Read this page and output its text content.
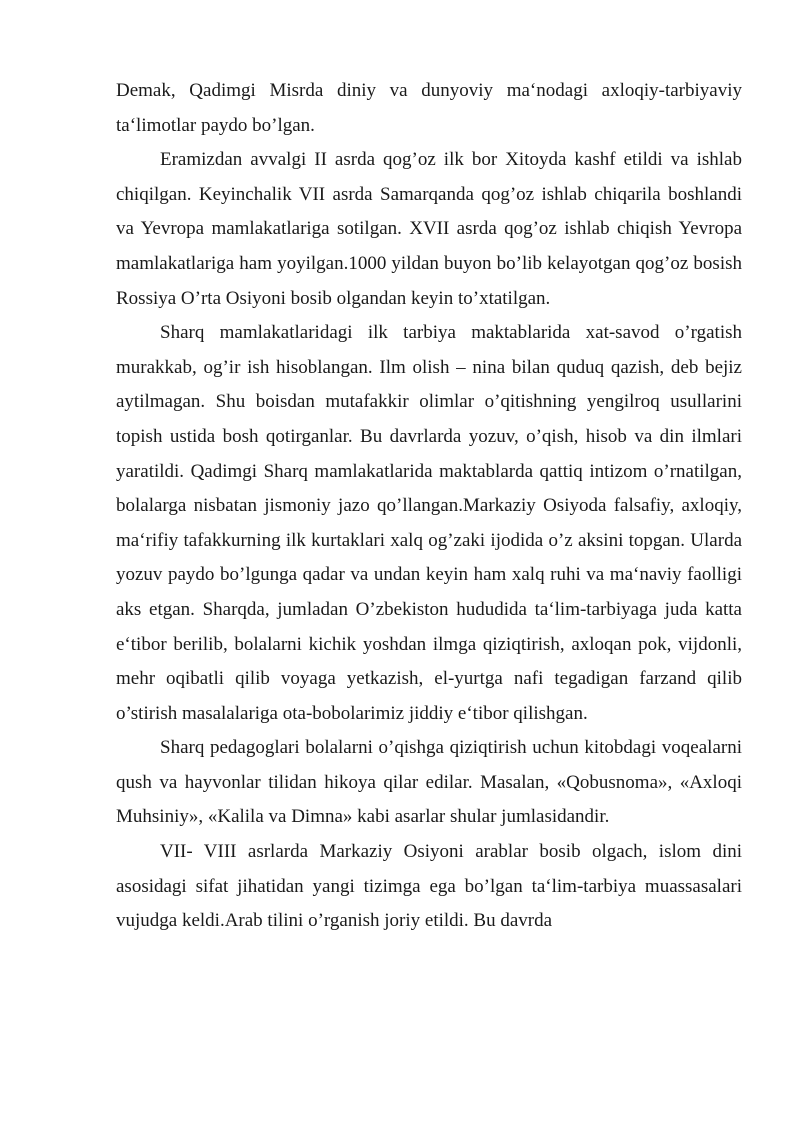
Demak, Qadimgi Misrda diniy va dunyoviy ma‘nodagi axloqiy-tarbiyaviy ta‘limotlar paydo bo’lgan.

Eramizdan avvalgi II asrda qog’oz ilk bor Xitoyda kashf etildi va ishlab chiqilgan. Keyinchalik VII asrda Samarqanda qog’oz ishlab chiqarila boshlandi va Yevropa mamlakatlariga sotilgan. XVII asrda qog’oz ishlab chiqish Yevropa mamlakatlariga ham yoyilgan.1000 yildan buyon bo’lib kelayotgan qog’oz bosish Rossiya O’rta Osiyoni bosib olgandan keyin to’xtatilgan.

Sharq mamlakatlaridagi ilk tarbiya maktablarida xat-savod o’rgatish murakkab, og’ir ish hisoblangan. Ilm olish – nina bilan quduq qazish, deb bejiz aytilmagan. Shu boisdan mutafakkir olimlar o’qitishning yengilroq usullarini topish ustida bosh qotirganlar. Bu davrlarda yozuv, o’qish, hisob va din ilmlari yaratildi. Qadimgi Sharq mamlakatlarida maktablarda qattiq intizom o’rnatilgan, bolalarga nisbatan jismoniy jazo qo’llangan.Markaziy Osiyoda falsafiy, axloqiy, ma‘rifiy tafakkurning ilk kurtaklari xalq og’zaki ijodida o’z aksini topgan. Ularda yozuv paydo bo’lgunga qadar va undan keyin ham xalq ruhi va ma‘naviy faolligi aks etgan. Sharqda, jumladan O’zbekiston hududida ta‘lim-tarbiyaga juda katta e‘tibor berilib, bolalarni kichik yoshdan ilmga qiziqtirish, axloqan pok, vijdonli, mehr oqibatli qilib voyaga yetkazish, el-yurtga nafi tegadigan farzand qilib o’stirish masalalariga ota-bobolarimiz jiddiy e‘tibor qilishgan.

Sharq pedagoglari bolalarni o’qishga qiziqtirish uchun kitobdagi voqealarni qush va hayvonlar tilidan hikoya qilar edilar. Masalan, «Qobusnoma», «Axloqi Muhsiniy», «Kalila va Dimna» kabi asarlar shular jumlasidandir.

VII- VIII asrlarda Markaziy Osiyoni arablar bosib olgach, islom dini asosidagi sifat jihatidan yangi tizimga ega bo’lgan ta‘lim-tarbiya muassasalari vujudga keldi.Arab tilini o’rganish joriy etildi. Bu davrda
